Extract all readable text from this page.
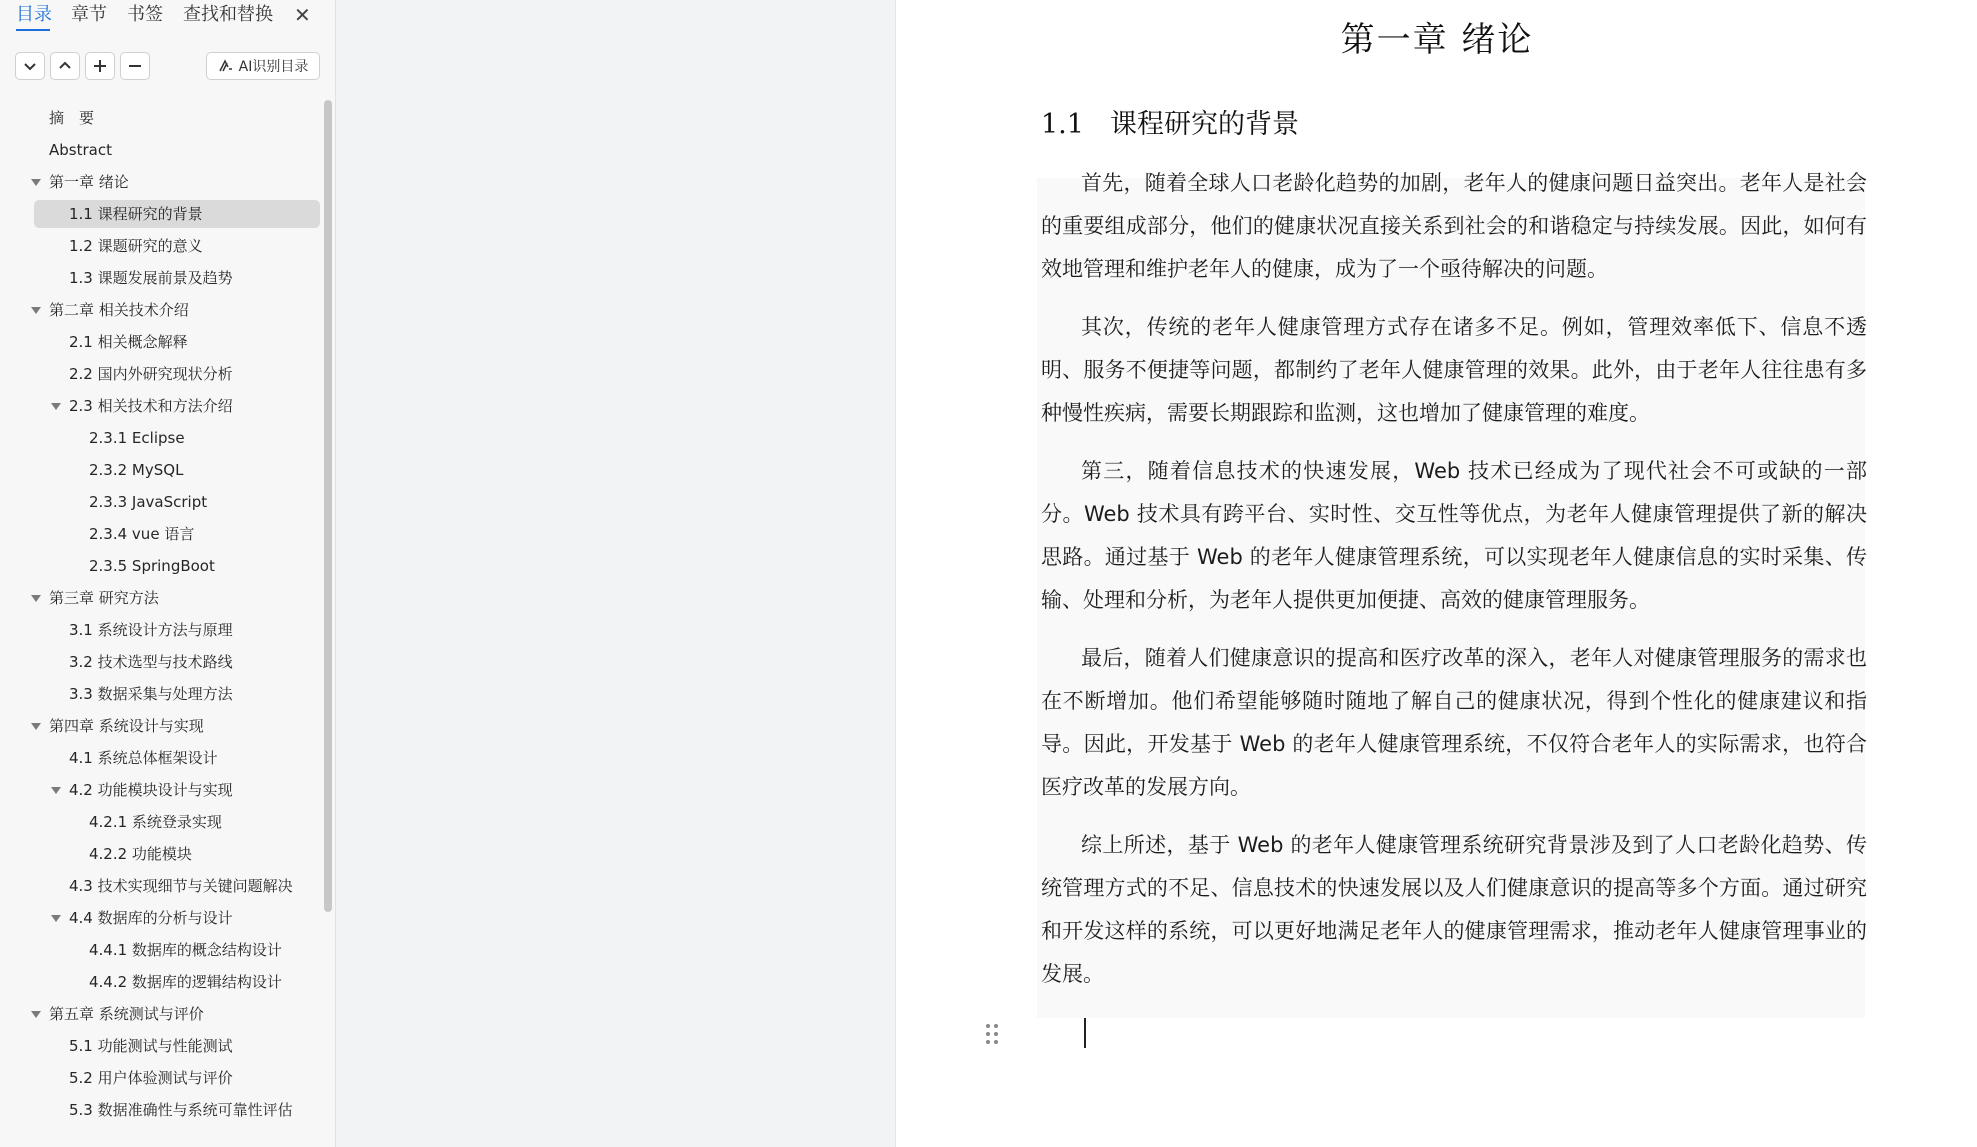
目录 章节 书签 查找和替换 ✕
AI识别目录
摘　要
Abstract
第一章 绪论
1.1 课程研究的背景
1.2 课题研究的意义
1.3 课题发展前景及趋势
第二章 相关技术介绍
2.1 相关概念解释
2.2 国内外研究现状分析
2.3 相关技术和方法介绍
2.3.1 Eclipse
2.3.2 MySQL
2.3.3 JavaScript
2.3.4 vue 语言
2.3.5 SpringBoot
第三章 研究方法
3.1 系统设计方法与原理
3.2 技术选型与技术路线
3.3 数据采集与处理方法
第四章 系统设计与实现
4.1 系统总体框架设计
4.2 功能模块设计与实现
4.2.1 系统登录实现
4.2.2 功能模块
4.3 技术实现细节与关键问题解决
4.4 数据库的分析与设计
4.4.1 数据库的概念结构设计
4.4.2 数据库的逻辑结构设计
第五章 系统测试与评价
5.1 功能测试与性能测试
5.2 用户体验测试与评价
5.3 数据准确性与系统可靠性评估
第一章 绪论
1.1 课程研究的背景

首先，随着全球人口老龄化趋势的加剧，老年人的健康问题日益突出。老年人是社会的重要组成部分，他们的健康状况直接关系到社会的和谐稳定与持续发展。因此，如何有效地管理和维护老年人的健康，成为了一个亟待解决的问题。

其次，传统的老年人健康管理方式存在诸多不足。例如，管理效率低下、信息不透明、服务不便捷等问题，都制约了老年人健康管理的效果。此外，由于老年人往往患有多种慢性疾病，需要长期跟踪和监测，这也增加了健康管理的难度。

第三，随着信息技术的快速发展，Web 技术已经成为了现代社会不可或缺的一部分。Web 技术具有跨平台、实时性、交互性等优点，为老年人健康管理提供了新的解决思路。通过基于 Web 的老年人健康管理系统，可以实现老年人健康信息的实时采集、传输、处理和分析，为老年人提供更加便捷、高效的健康管理服务。

最后，随着人们健康意识的提高和医疗改革的深入，老年人对健康管理服务的需求也在不断增加。他们希望能够随时随地了解自己的健康状况，得到个性化的健康建议和指导。因此，开发基于 Web 的老年人健康管理系统，不仅符合老年人的实际需求，也符合医疗改革的发展方向。

综上所述，基于 Web 的老年人健康管理系统研究背景涉及到了人口老龄化趋势、传统管理方式的不足、信息技术的快速发展以及人们健康意识的提高等多个方面。通过研究和开发这样的系统，可以更好地满足老年人的健康管理需求，推动老年人健康管理事业的发展。
